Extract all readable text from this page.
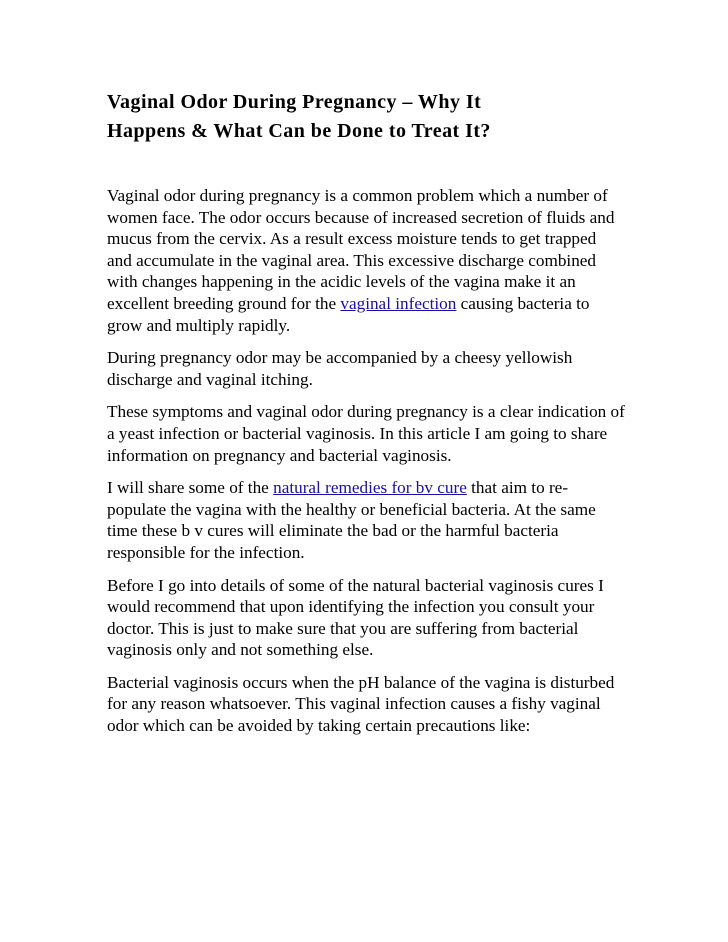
Vaginal Odor During Pregnancy – Why It
Happens & What Can be Done to Treat It?

Vaginal odor during pregnancy is a common problem which a number of women face. The odor occurs because of increased secretion of fluids and mucus from the cervix. As a result excess moisture tends to get trapped and accumulate in the vaginal area. This excessive discharge combined with changes happening in the acidic levels of the vagina make it an excellent breeding ground for the vaginal infection causing bacteria to grow and multiply rapidly.

During pregnancy odor may be accompanied by a cheesy yellowish discharge and vaginal itching.

These symptoms and vaginal odor during pregnancy is a clear indication of a yeast infection or bacterial vaginosis. In this article I am going to share information on pregnancy and bacterial vaginosis.

I will share some of the natural remedies for bv cure that aim to re-populate the vagina with the healthy or beneficial bacteria. At the same time these b v cures will eliminate the bad or the harmful bacteria responsible for the infection.

Before I go into details of some of the natural bacterial vaginosis cures I would recommend that upon identifying the infection you consult your doctor. This is just to make sure that you are suffering from bacterial vaginosis only and not something else.

Bacterial vaginosis occurs when the pH balance of the vagina is disturbed for any reason whatsoever. This vaginal infection causes a fishy vaginal odor which can be avoided by taking certain precautions like:
